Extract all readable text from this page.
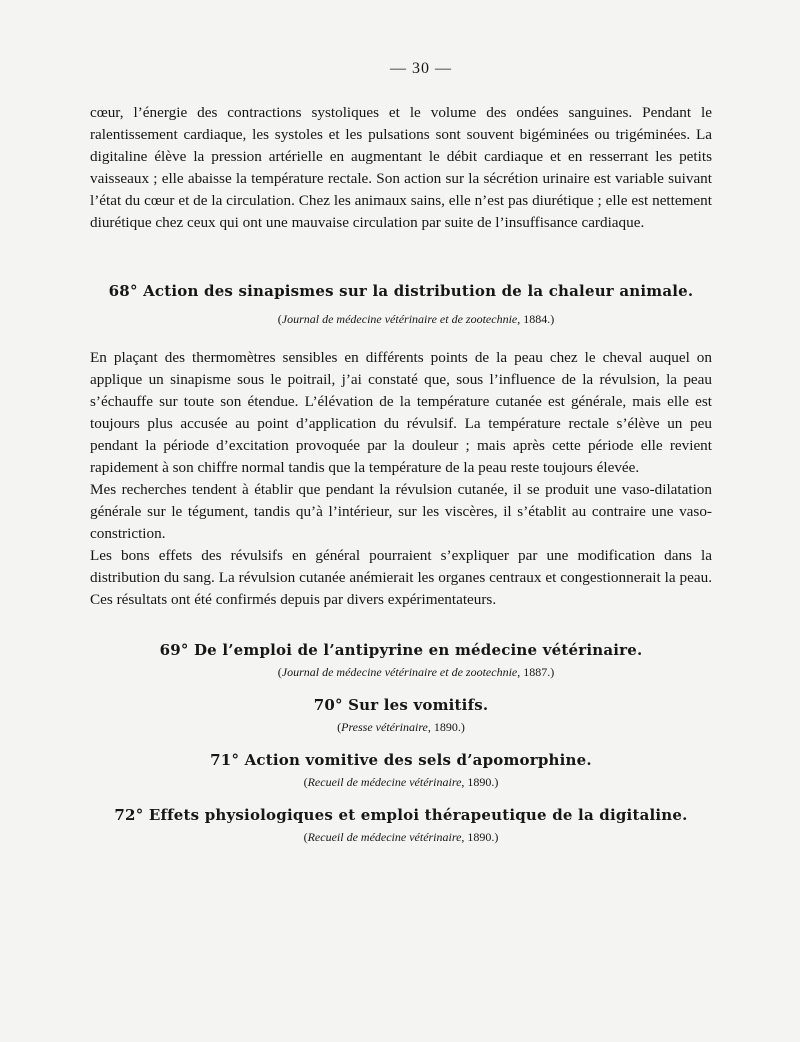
— 30 —

cœur, l’énergie des contractions systoliques et le volume des ondées sanguines. Pendant le ralentissement cardiaque, les systoles et les pulsations sont souvent bigéminées ou trigéminées. La digitaline élève la pression artérielle en augmentant le débit cardiaque et en resserrant les petits vaisseaux ; elle abaisse la température rectale. Son action sur la sécrétion urinaire est variable suivant l’état du cœur et de la circulation. Chez les animaux sains, elle n’est pas diurétique ; elle est nettement diurétique chez ceux qui ont une mauvaise circulation par suite de l’insuffisance cardiaque.

68° Action des sinapismes sur la distribution de la chaleur animale.
(Journal de médecine vétérinaire et de zootechnie, 1884.)

En plaçant des thermomètres sensibles en différents points de la peau chez le cheval auquel on applique un sinapisme sous le poitrail, j’ai constaté que, sous l’influence de la révulsion, la peau s’échauffe sur toute son étendue. L’élévation de la température cutanée est générale, mais elle est toujours plus accusée au point d’application du révulsif. La température rectale s’élève un peu pendant la période d’excitation provoquée par la douleur ; mais après cette période elle revient rapidement à son chiffre normal tandis que la température de la peau reste toujours élevée.

Mes recherches tendent à établir que pendant la révulsion cutanée, il se produit une vaso-dilatation générale sur le tégument, tandis qu’à l’intérieur, sur les viscères, il s’établit au contraire une vaso-constriction.

Les bons effets des révulsifs en général pourraient s’expliquer par une modification dans la distribution du sang. La révulsion cutanée anémierait les organes centraux et congestionnerait la peau. Ces résultats ont été confirmés depuis par divers expérimentateurs.

69° De l’emploi de l’antipyrine en médecine vétérinaire.
(Journal de médecine vétérinaire et de zootechnie, 1887.)
70° Sur les vomitifs.
(Presse vétérinaire, 1890.)
71° Action vomitive des sels d’apomorphine.
(Recueil de médecine vétérinaire, 1890.)
72° Effets physiologiques et emploi thérapeutique de la digitaline.
(Recueil de médecine vétérinaire, 1890.)
